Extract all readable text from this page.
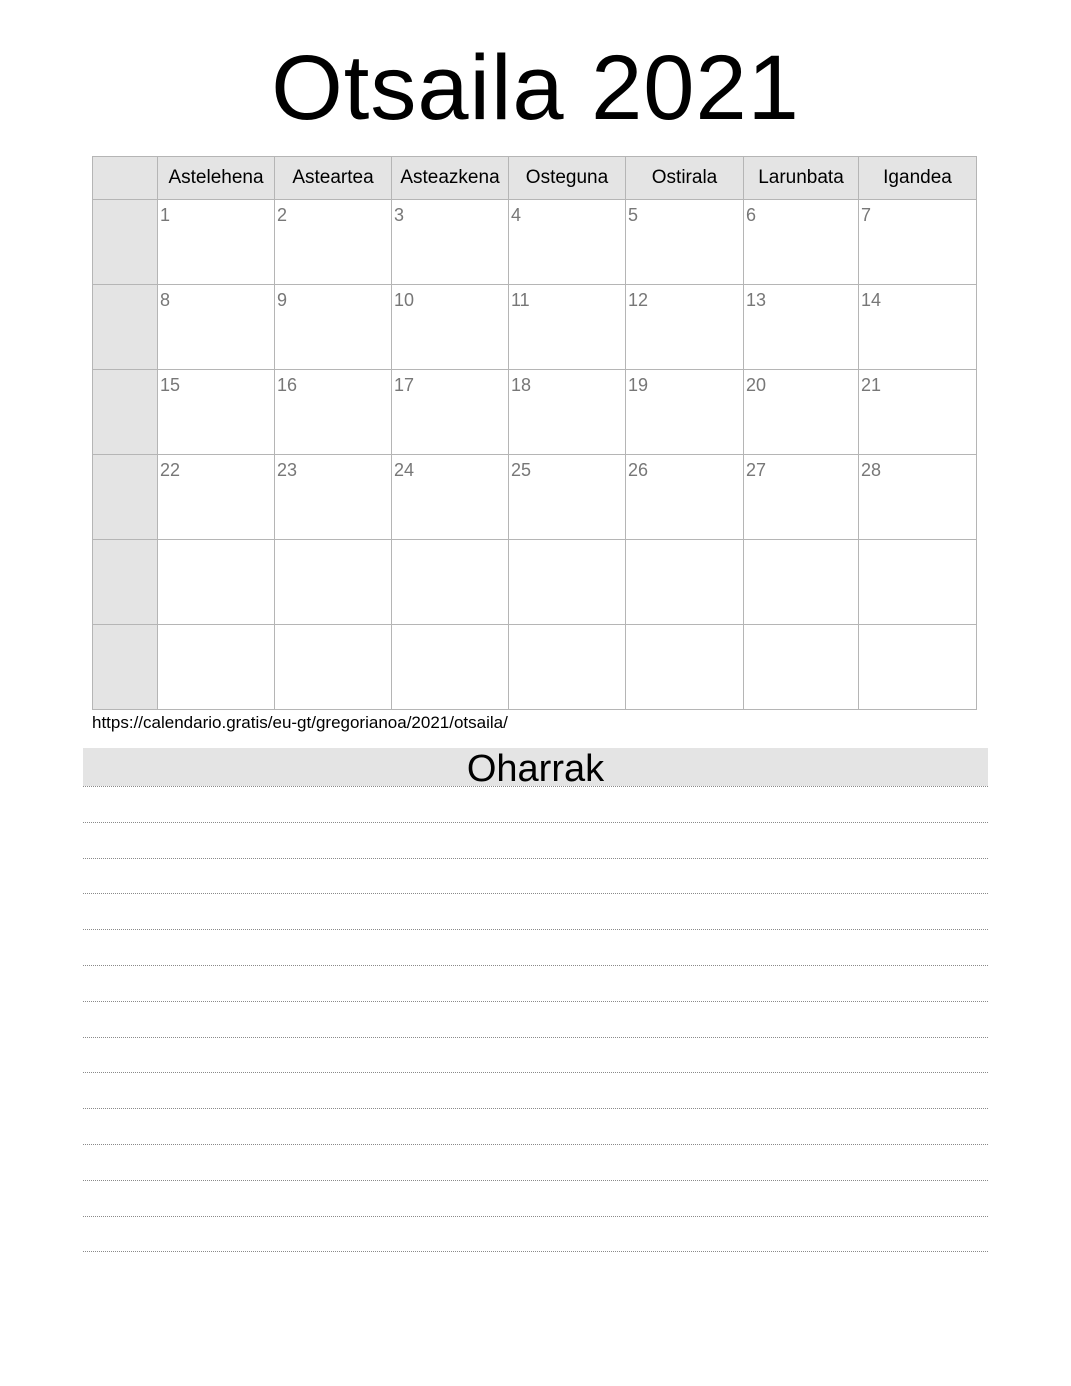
Otsaila 2021
	Astelehena	Asteartea	Asteazkena	Osteguna	Ostirala	Larunbata	Igandea

	1	2	3	4	5	6	7

	8	9	10	11	12	13	14

	15	16	17	18	19	20	21

	22	23	24	25	26	27	28

https://calendario.gratis/eu-gt/gregorianoa/2021/otsaila/
Oharrak
